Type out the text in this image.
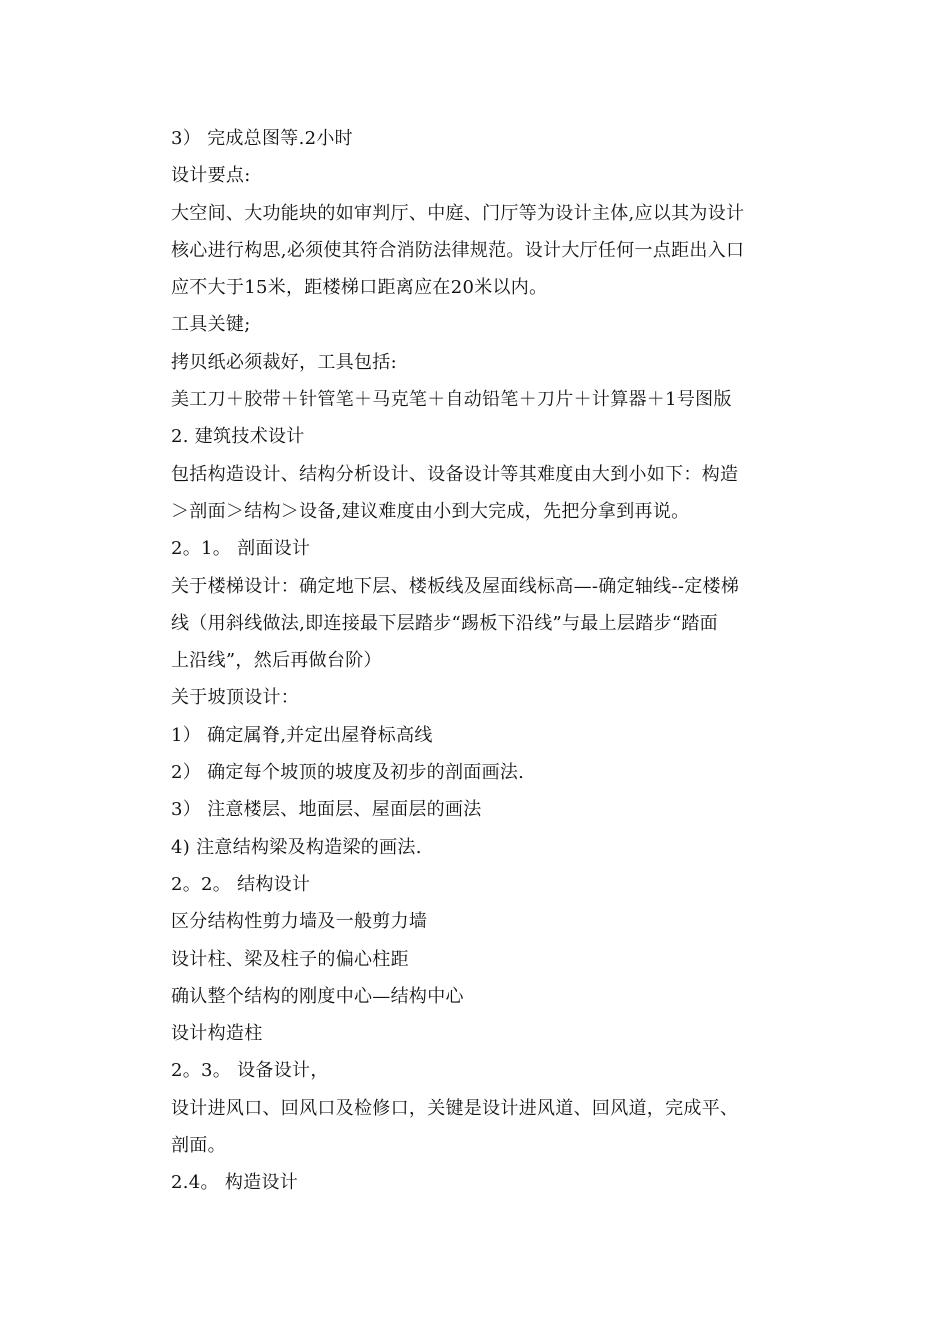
3） 完成总图等.2小时
设计要点:
大空间、大功能块的如审判厅、中庭、门厅等为设计主体,应以其为设计
核心进行构思,必须使其符合消防法律规范。设计大厅任何一点距出入口
应不大于15米，距楼梯口距离应在20米以内。
工具关键;
拷贝纸必须裁好，工具包括:
美工刀＋胶带＋针管笔＋马克笔＋自动铅笔＋刀片＋计算器＋1号图版
2. 建筑技术设计
包括构造设计、结构分析设计、设备设计等其难度由大到小如下：构造
＞剖面＞结构＞设备,建议难度由小到大完成，先把分拿到再说。
2。1。 剖面设计
关于楼梯设计：确定地下层、楼板线及屋面线标高—-确定轴线--定楼梯
线（用斜线做法,即连接最下层踏步“踢板下沿线”与最上层踏步“踏面
上沿线”，然后再做台阶）
关于坡顶设计：
1） 确定属脊,并定出屋脊标高线
2） 确定每个坡顶的坡度及初步的剖面画法.
3） 注意楼层、地面层、屋面层的画法
4) 注意结构梁及构造梁的画法.
2。2。 结构设计
区分结构性剪力墙及一般剪力墙
设计柱、梁及柱子的偏心柱距
确认整个结构的刚度中心—结构中心
设计构造柱
2。3。 设备设计，
设计进风口、回风口及检修口，关键是设计进风道、回风道，完成平、
剖面。
2.4。 构造设计
